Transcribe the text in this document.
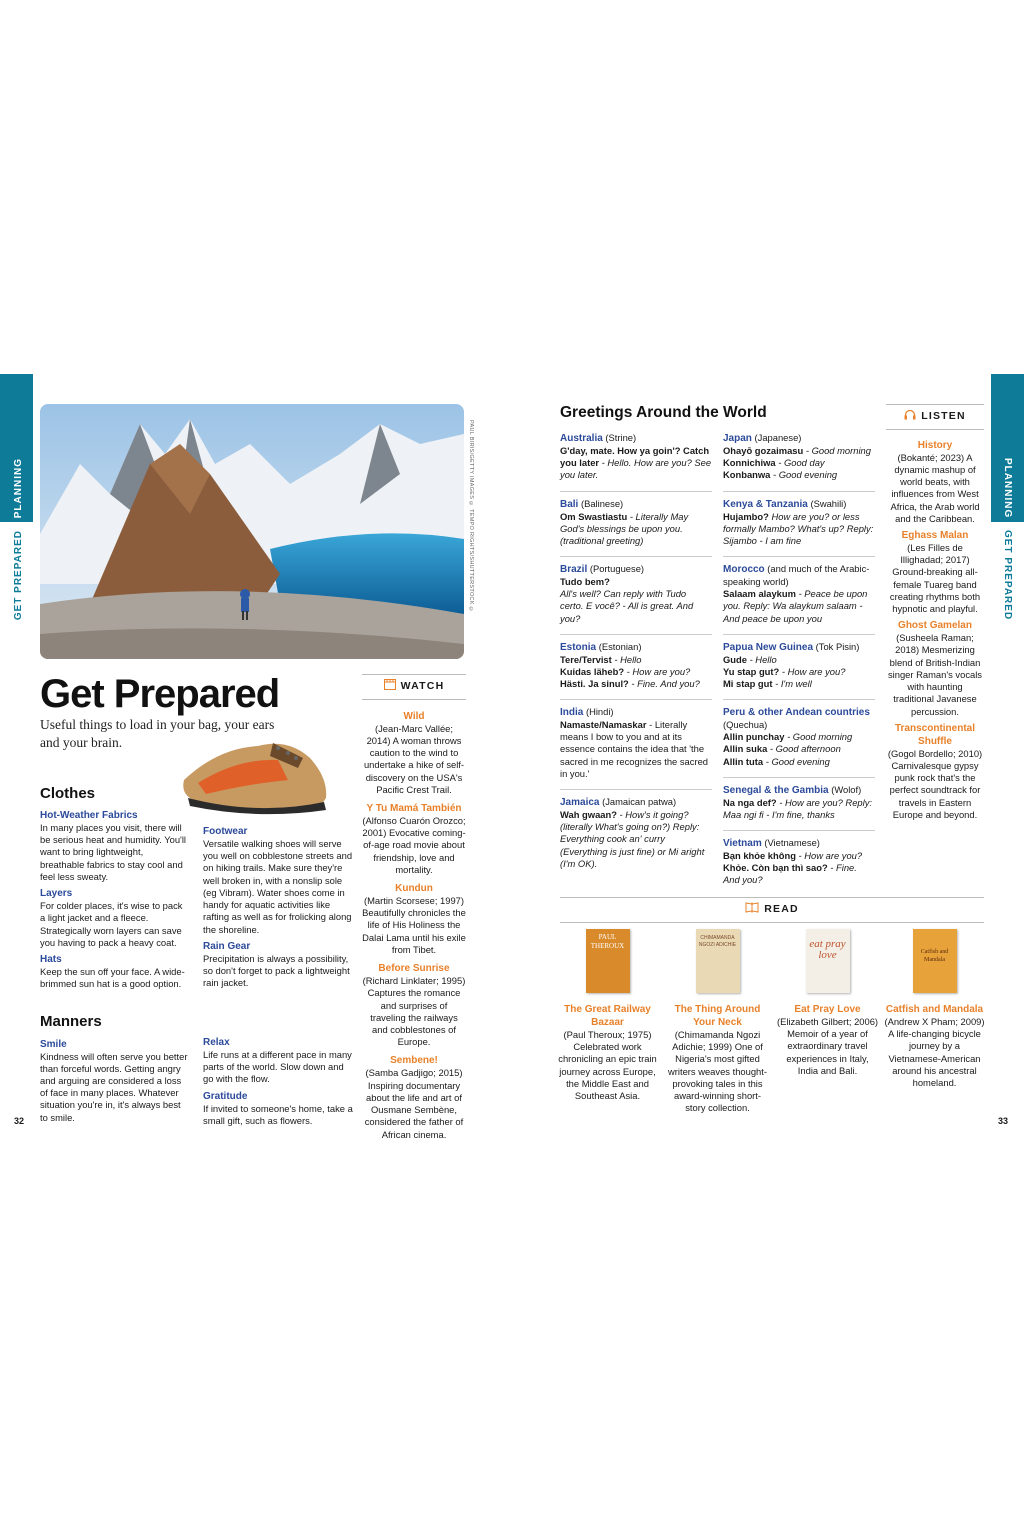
PLANNING
GET PREPARED
PLANNING
GET PREPARED
PAUL BIRIS/GETTY IMAGES © TEMPO RIGHTS/SHUTTERSTOCK ©
Get Prepared
Useful things to load in your bag, your ears and your brain.
Clothes
Hot-Weather Fabrics

In many places you visit, there will be serious heat and humidity. You'll want to bring lightweight, breathable fabrics to stay cool and feel less sweaty.

Layers

For colder places, it's wise to pack a light jacket and a fleece. Strategically worn layers can save you having to pack a heavy coat.

Hats

Keep the sun off your face. A wide-brimmed sun hat is a good option.

Footwear

Versatile walking shoes will serve you well on cobblestone streets and on hiking trails. Make sure they're well broken in, with a nonslip sole (eg Vibram). Water shoes come in handy for aquatic activities like rafting as well as for frolicking along the shoreline.

Rain Gear

Precipitation is always a possibility, so don't forget to pack a lightweight rain jacket.

Manners
Smile

Kindness will often serve you better than forceful words. Getting angry and arguing are considered a loss of face in many places. Whatever situation you're in, it's always best to smile.

Relax

Life runs at a different pace in many parts of the world. Slow down and go with the flow.

Gratitude

If invited to someone's home, take a small gift, such as flowers.

WATCH
Wild

(Jean-Marc Vallée; 2014) A woman throws caution to the wind to undertake a hike of self-discovery on the USA's Pacific Crest Trail.

Y Tu Mamá También

(Alfonso Cuarón Orozco; 2001) Evocative coming-of-age road movie about friendship, love and mortality.

Kundun

(Martin Scorsese; 1997) Beautifully chronicles the life of His Holiness the Dalai Lama until his exile from Tibet.

Before Sunrise

(Richard Linklater; 1995) Captures the romance and surprises of traveling the railways and cobblestones of Europe.

Sembene!

(Samba Gadjigo; 2015) Inspiring documentary about the life and art of Ousmane Sembène, considered the father of African cinema.

32
Greetings Around the World
Australia (Strine)
G'day, mate. How ya goin'? Catch you later - Hello. How are you? See you later.
Bali (Balinese)
Om Swastiastu - Literally May God's blessings be upon you. (traditional greeting)
Brazil (Portuguese)
Tudo bem?
All's well? Can reply with Tudo certo. E você? - All is great. And you?
Estonia (Estonian)
Tere/Tervist - Hello
Kuidas läheb? - How are you?
Hästi. Ja sinul? - Fine. And you?
India (Hindi)
Namaste/Namaskar - Literally means I bow to you and at its essence contains the idea that 'the sacred in me recognizes the sacred in you.'
Jamaica (Jamaican patwa)
Wah gwaan? - How's it going? (literally What's going on?) Reply: Everything cook an' curry (Everything is just fine) or Mi aright (I'm OK).
Japan (Japanese)
Ohayō gozaimasu - Good morning
Konnichiwa - Good day
Konbanwa - Good evening
Kenya & Tanzania (Swahili)
Hujambo? How are you? or less formally Mambo? What's up? Reply: Sijambo - I am fine
Morocco (and much of the Arabic-speaking world)
Salaam alaykum - Peace be upon you. Reply: Wa alaykum salaam - And peace be upon you
Papua New Guinea (Tok Pisin)
Gude - Hello
Yu stap gut? - How are you?
Mi stap gut - I'm well
Peru & other Andean countries (Quechua)
Allin punchay - Good morning
Allin suka - Good afternoon
Allin tuta - Good evening
Senegal & the Gambia (Wolof)
Na nga def? - How are you? Reply: Maa ngi fi - I'm fine, thanks
Vietnam (Vietnamese)
Bạn khỏe không - How are you?
Khỏe. Còn bạn thì sao? - Fine. And you?
LISTEN
History

(Bokanté; 2023) A dynamic mashup of world beats, with influences from West Africa, the Arab world and the Caribbean.

Eghass Malan

(Les Filles de Illighadad; 2017) Ground-breaking all-female Tuareg band creating rhythms both hypnotic and playful.

Ghost Gamelan

(Susheela Raman; 2018) Mesmerizing blend of British-Indian singer Raman's vocals with haunting traditional Javanese percussion.

Transcontinental Shuffle

(Gogol Bordello; 2010) Carnivalesque gypsy punk rock that's the perfect soundtrack for travels in Eastern Europe and beyond.

READ
PAUL THEROUX
The Great Railway Bazaar

(Paul Theroux; 1975) Celebrated work chronicling an epic train journey across Europe, the Middle East and Southeast Asia.

CHIMAMANDA NGOZI ADICHIE
The Thing Around Your Neck

(Chimamanda Ngozi Adichie; 1999) One of Nigeria's most gifted writers weaves thought-provoking tales in this award-winning short-story collection.

eat pray love
Eat Pray Love

(Elizabeth Gilbert; 2006) Memoir of a year of extraordinary travel experiences in Italy, India and Bali.

Catfish and Mandala
Catfish and Mandala

(Andrew X Pham; 2009) A life-changing bicycle journey by a Vietnamese-American around his ancestral homeland.

33
